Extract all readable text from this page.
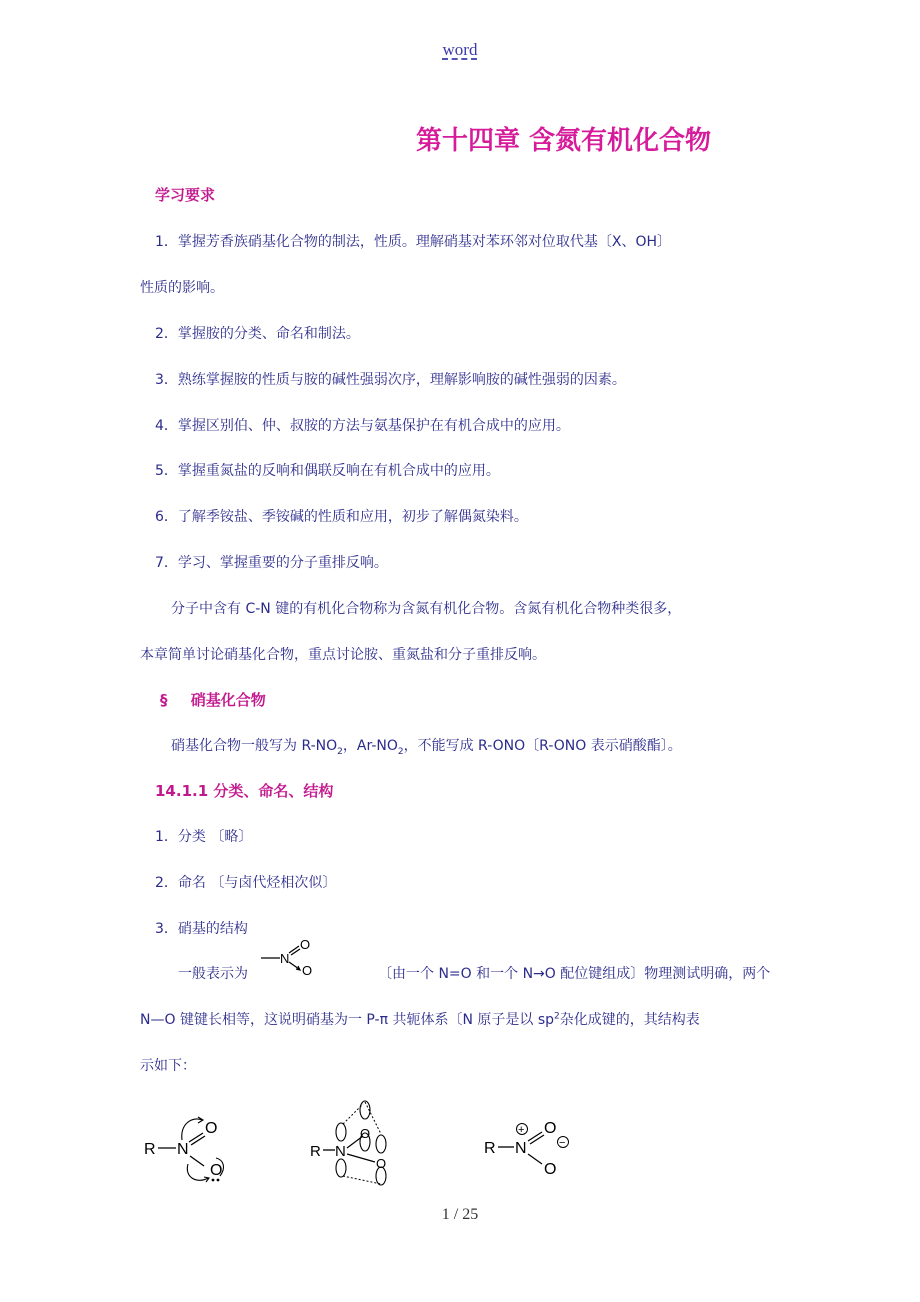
word
第十四章 含氮有机化合物
学习要求
1．掌握芳香族硝基化合物的制法，性质。理解硝基对苯环邻对位取代基〔X、OH〕
性质的影响。
2．掌握胺的分类、命名和制法。
3．熟练掌握胺的性质与胺的碱性强弱次序，理解影响胺的碱性强弱的因素。
4．掌握区别伯、仲、叔胺的方法与氨基保护在有机合成中的应用。
5．掌握重氮盐的反响和偶联反响在有机合成中的应用。
6．了解季铵盐、季铵碱的性质和应用，初步了解偶氮染料。
7．学习、掌握重要的分子重排反响。
分子中含有 C-N 键的有机化合物称为含氮有机化合物。含氮有机化合物种类很多，
本章简单讨论硝基化合物，重点讨论胺、重氮盐和分子重排反响。
§ 硝基化合物
硝基化合物一般写为 $R-NO_2$，$Ar-NO_2$，不能写成 R-ONO〔R-ONO 表示硝酸酯〕。
14.1.1 分类、命名、结构
1．分类 〔略〕
2．命名 〔与卤代烃相次似〕
3．硝基的结构
一般表示为
N
O
O	〔由一个 N=O 和一个 N→O 配位键组成〕物理测试明确，两个
N—O 键键长相等，这说明硝基为一 P-π 共轭体系〔N 原子是以 $sp^2$杂化成键的，其结构表
示如下：
R N
O
O
R N
O
O
R N
+ O
−
O
1 / 25
